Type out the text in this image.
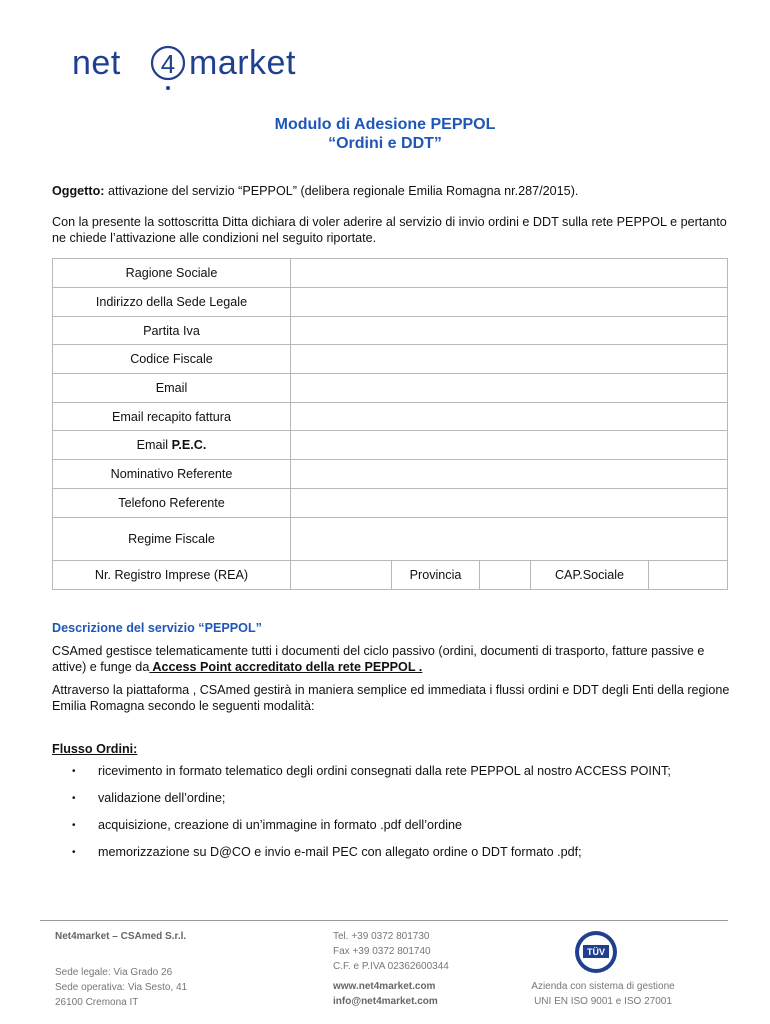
net 4 market
Modulo di Adesione PEPPOL
“Ordini e DDT”
Oggetto: attivazione del servizio “PEPPOL” (delibera regionale Emilia Romagna nr.287/2015).
Con la presente la sottoscritta Ditta dichiara di voler aderire al servizio di invio ordini e DDT sulla rete PEPPOL e pertanto ne chiede l’attivazione alle condizioni nel seguito riportate.
Ragione Sociale					
Indirizzo della Sede Legale					
Partita Iva					
Codice Fiscale					
Email					
Email recapito fattura					
Email P.E.C.					
Nominativo Referente					
Telefono Referente					
Regime Fiscale					
Nr. Registro Imprese (REA)		Provincia		CAP.Sociale	
Descrizione del servizio “PEPPOL”
CSAmed gestisce telematicamente tutti i documenti del ciclo passivo (ordini, documenti di trasporto, fatture passive e attive) e funge da Access Point accreditato della rete PEPPOL .
Attraverso la piattaforma , CSAmed gestirà in maniera semplice ed immediata i flussi ordini e DDT degli Enti della regione Emilia Romagna secondo le seguenti modalità:
Flusso Ordini:
• ricevimento in formato telematico degli ordini consegnati dalla rete PEPPOL al nostro ACCESS POINT;
• validazione dell’ordine;
• acquisizione, creazione di un’immagine in formato .pdf dell’ordine
• memorizzazione su D@CO e invio e-mail PEC con allegato ordine o DDT formato .pdf;
Net4market – CSAmed S.r.l.
Sede legale: Via Grado 26
Sede operativa: Via Sesto, 41
26100 Cremona IT
Tel. +39 0372 801730
Fax +39 0372 801740
C.F. e P.IVA 02362600344
www.net4market.com
info@net4market.com
TÜV
Azienda con sistema di gestione
UNI EN ISO 9001 e ISO 27001
